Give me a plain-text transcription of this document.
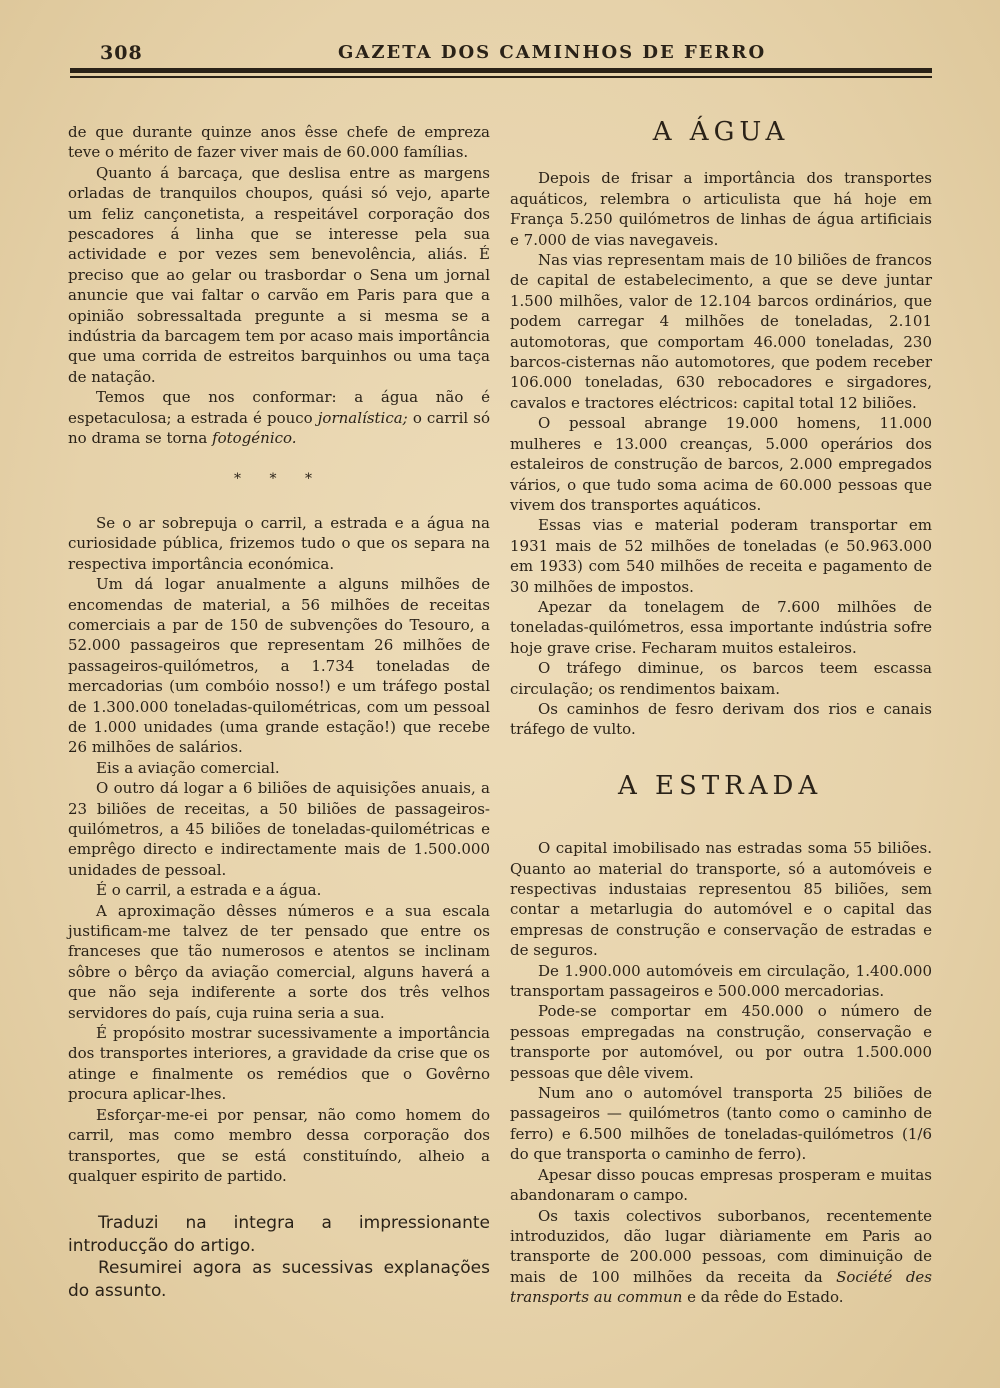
308	GAZETA DOS CAMINHOS DE FERRO

de que durante quinze anos êsse chefe de empreza teve o mérito de fazer viver mais de 60.000 famílias.

Quanto á barcaça, que deslisa entre as margens orladas de tranquilos choupos, quási só vejo, aparte um feliz cançonetista, a respeitável corporação dos pescadores á linha que se interesse pela sua actividade e por vezes sem benevolência, aliás. É preciso que ao gelar ou trasbordar o Sena um jornal anuncie que vai faltar o carvão em Paris para que a opinião sobressaltada pregunte a si mesma se a indústria da barcagem tem por acaso mais importância que uma corrida de estreitos barquinhos ou uma taça de natação.

Temos que nos conformar: a água não é espetaculosa; a estrada é pouco jornalística; o carril só no drama se torna fotogénico.

* * *

Se o ar sobrepuja o carril, a estrada e a água na curiosidade pública, frizemos tudo o que os separa na respectiva importância económica.

Um dá logar anualmente a alguns milhões de encomendas de material, a 56 milhões de receitas comerciais a par de 150 de subvenções do Tesouro, a 52.000 passageiros que representam 26 milhões de passageiros-quilómetros, a 1.734 toneladas de mercadorias (um combóio nosso!) e um tráfego postal de 1.300.000 toneladas-quilométricas, com um pessoal de 1.000 unidades (uma grande estação!) que recebe 26 milhões de salários.

Eis a aviação comercial.

O outro dá logar a 6 biliões de aquisições anuais, a 23 biliões de receitas, a 50 biliões de passageiros-quilómetros, a 45 biliões de toneladas-quilométricas e emprêgo directo e indirectamente mais de 1.500.000 unidades de pessoal.

É o carril, a estrada e a água.

A aproximação dêsses números e a sua escala justificam-me talvez de ter pensado que entre os franceses que tão numerosos e atentos se inclinam sôbre o bêrço da aviação comercial, alguns haverá a que não seja indiferente a sorte dos três velhos servidores do país, cuja ruina seria a sua.

É propósito mostrar sucessivamente a importância dos transportes interiores, a gravidade da crise que os atinge e finalmente os remédios que o Govêrno procura aplicar-lhes.

Esforçar-me-ei por pensar, não como homem do carril, mas como membro dessa corporação dos transportes, que se está constituíndo, alheio a qualquer espirito de partido.

Traduzi na integra a impressionante introducção do artigo.

Resumirei agora as sucessivas explanações do assunto.

A ÁGUA

Depois de frisar a importância dos transportes aquáticos, relembra o articulista que há hoje em França 5.250 quilómetros de linhas de água artificiais e 7.000 de vias navegaveis.

Nas vias representam mais de 10 biliões de francos de capital de estabelecimento, a que se deve juntar 1.500 milhões, valor de 12.104 barcos ordinários, que podem carregar 4 milhões de toneladas, 2.101 automotoras, que comportam 46.000 toneladas, 230 barcos-cisternas não automotores, que podem receber 106.000 toneladas, 630 rebocadores e sirgadores, cavalos e tractores eléctricos: capital total 12 biliões.

O pessoal abrange 19.000 homens, 11.000 mulheres e 13.000 creanças, 5.000 operários dos estaleiros de construção de barcos, 2.000 empregados vários, o que tudo soma acima de 60.000 pessoas que vivem dos transportes aquáticos.

Essas vias e material poderam transportar em 1931 mais de 52 milhões de toneladas (e 50.963.000 em 1933) com 540 milhões de receita e pagamento de 30 milhões de impostos.

Apezar da tonelagem de 7.600 milhões de toneladas-quilómetros, essa importante indústria sofre hoje grave crise. Fecharam muitos estaleiros.

O tráfego diminue, os barcos teem escassa circulação; os rendimentos baixam.

Os caminhos de fesro derivam dos rios e canais tráfego de vulto.

A ESTRADA

O capital imobilisado nas estradas soma 55 biliões. Quanto ao material do transporte, só a automóveis e respectivas industaias representou 85 biliões, sem contar a metarlugia do automóvel e o capital das empresas de construção e conservação de estradas e de seguros.

De 1.900.000 automóveis em circulação, 1.400.000 transportam passageiros e 500.000 mercadorias.

Pode-se comportar em 450.000 o número de pessoas empregadas na construção, conservação e transporte por automóvel, ou por outra 1.500.000 pessoas que dêle vivem.

Num ano o automóvel transporta 25 biliões de passageiros — quilómetros (tanto como o caminho de ferro) e 6.500 milhões de toneladas-quilómetros (1/6 do que transporta o caminho de ferro).

Apesar disso poucas empresas prosperam e muitas abandonaram o campo.

Os taxis colectivos suborbanos, recentemente introduzidos, dão lugar diàriamente em Paris ao transporte de 200.000 pessoas, com diminuição de mais de 100 milhões da receita da Société des transports au commun e da rêde do Estado.
